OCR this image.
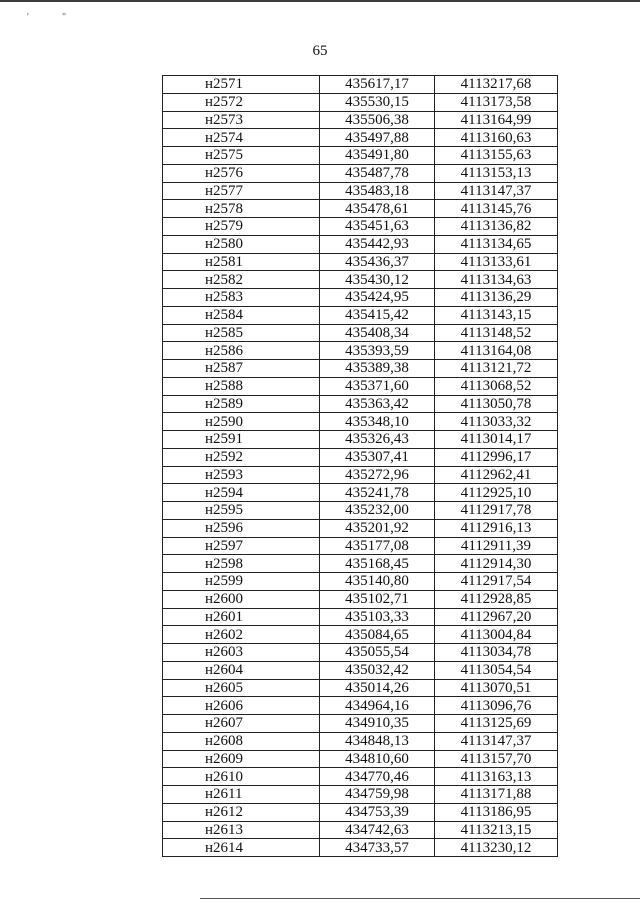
'	"
65
н2571	435617,17	4113217,68
н2572	435530,15	4113173,58
н2573	435506,38	4113164,99
н2574	435497,88	4113160,63
н2575	435491,80	4113155,63
н2576	435487,78	4113153,13
н2577	435483,18	4113147,37
н2578	435478,61	4113145,76
н2579	435451,63	4113136,82
н2580	435442,93	4113134,65
н2581	435436,37	4113133,61
н2582	435430,12	4113134,63
н2583	435424,95	4113136,29
н2584	435415,42	4113143,15
н2585	435408,34	4113148,52
н2586	435393,59	4113164,08
н2587	435389,38	4113121,72
н2588	435371,60	4113068,52
н2589	435363,42	4113050,78
н2590	435348,10	4113033,32
н2591	435326,43	4113014,17
н2592	435307,41	4112996,17
н2593	435272,96	4112962,41
н2594	435241,78	4112925,10
н2595	435232,00	4112917,78
н2596	435201,92	4112916,13
н2597	435177,08	4112911,39
н2598	435168,45	4112914,30
н2599	435140,80	4112917,54
н2600	435102,71	4112928,85
н2601	435103,33	4112967,20
н2602	435084,65	4113004,84
н2603	435055,54	4113034,78
н2604	435032,42	4113054,54
н2605	435014,26	4113070,51
н2606	434964,16	4113096,76
н2607	434910,35	4113125,69
н2608	434848,13	4113147,37
н2609	434810,60	4113157,70
н2610	434770,46	4113163,13
н2611	434759,98	4113171,88
н2612	434753,39	4113186,95
н2613	434742,63	4113213,15
н2614	434733,57	4113230,12
